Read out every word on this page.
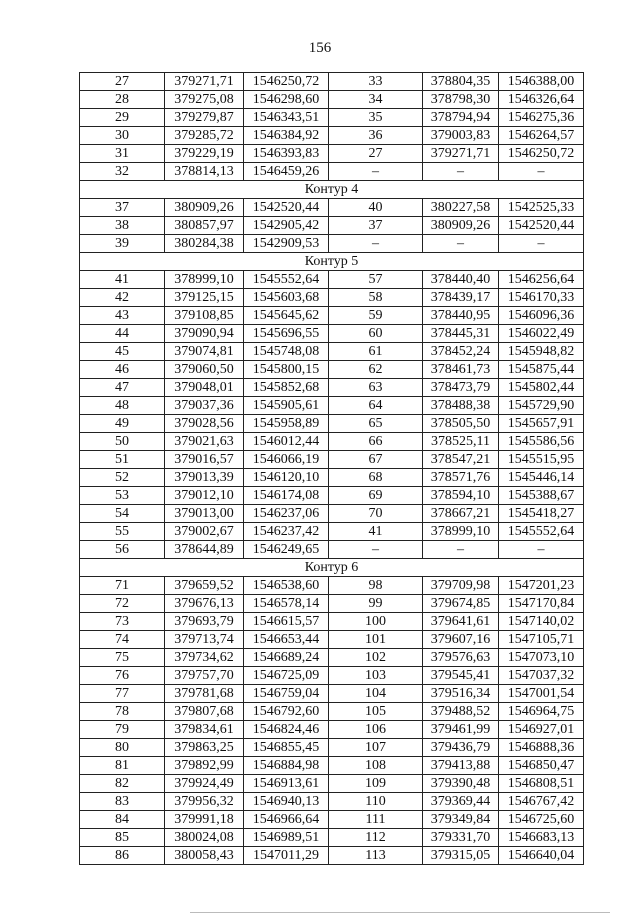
156
27	379271,71	1546250,72	33	378804,35	1546388,00
28	379275,08	1546298,60	34	378798,30	1546326,64
29	379279,87	1546343,51	35	378794,94	1546275,36
30	379285,72	1546384,92	36	379003,83	1546264,57
31	379229,19	1546393,83	27	379271,71	1546250,72
32	378814,13	1546459,26	–	–	–
Контур 4					
37	380909,26	1542520,44	40	380227,58	1542525,33
38	380857,97	1542905,42	37	380909,26	1542520,44
39	380284,38	1542909,53	–	–	–
Контур 5					
41	378999,10	1545552,64	57	378440,40	1546256,64
42	379125,15	1545603,68	58	378439,17	1546170,33
43	379108,85	1545645,62	59	378440,95	1546096,36
44	379090,94	1545696,55	60	378445,31	1546022,49
45	379074,81	1545748,08	61	378452,24	1545948,82
46	379060,50	1545800,15	62	378461,73	1545875,44
47	379048,01	1545852,68	63	378473,79	1545802,44
48	379037,36	1545905,61	64	378488,38	1545729,90
49	379028,56	1545958,89	65	378505,50	1545657,91
50	379021,63	1546012,44	66	378525,11	1545586,56
51	379016,57	1546066,19	67	378547,21	1545515,95
52	379013,39	1546120,10	68	378571,76	1545446,14
53	379012,10	1546174,08	69	378594,10	1545388,67
54	379013,00	1546237,06	70	378667,21	1545418,27
55	379002,67	1546237,42	41	378999,10	1545552,64
56	378644,89	1546249,65	–	–	–
Контур 6					
71	379659,52	1546538,60	98	379709,98	1547201,23
72	379676,13	1546578,14	99	379674,85	1547170,84
73	379693,79	1546615,57	100	379641,61	1547140,02
74	379713,74	1546653,44	101	379607,16	1547105,71
75	379734,62	1546689,24	102	379576,63	1547073,10
76	379757,70	1546725,09	103	379545,41	1547037,32
77	379781,68	1546759,04	104	379516,34	1547001,54
78	379807,68	1546792,60	105	379488,52	1546964,75
79	379834,61	1546824,46	106	379461,99	1546927,01
80	379863,25	1546855,45	107	379436,79	1546888,36
81	379892,99	1546884,98	108	379413,88	1546850,47
82	379924,49	1546913,61	109	379390,48	1546808,51
83	379956,32	1546940,13	110	379369,44	1546767,42
84	379991,18	1546966,64	111	379349,84	1546725,60
85	380024,08	1546989,51	112	379331,70	1546683,13
86	380058,43	1547011,29	113	379315,05	1546640,04
